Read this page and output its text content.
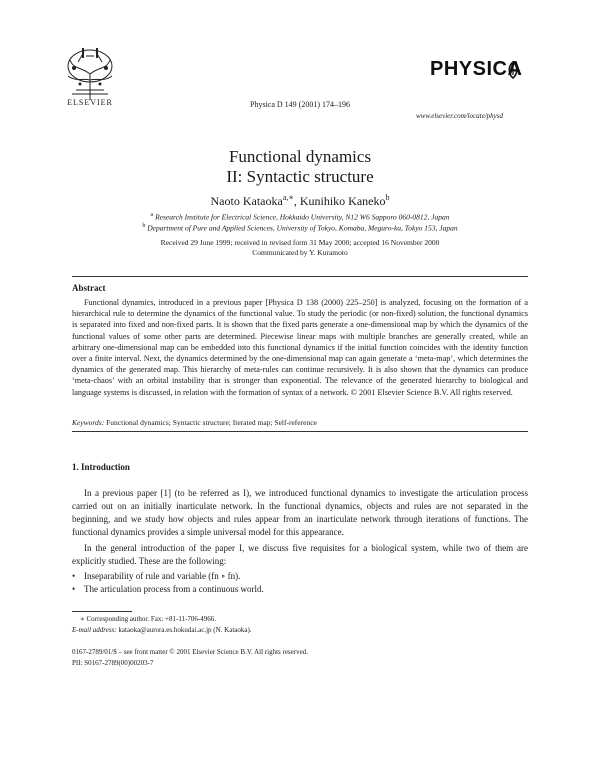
ELSEVIER	Physica D 149 (2001) 174–196
PHYSICA
www.elsevier.com/locate/physd
Functional dynamics
II: Syntactic structure
Naoto Kataoka$^{a,∗}$, Kunihiko Kaneko$^b$
$^a$ Research Institute for Electrical Science, Hokkaido University, N12 W6 Sapporo 060-0812, Japan
$^b$ Department of Pure and Applied Sciences, University of Tokyo, Komaba, Meguro-ku, Tokyo 153, Japan
Received 29 June 1999; received in revised form 31 May 2000; accepted 16 November 2000
Communicated by Y. Kuramoto
Abstract
Functional dynamics, introduced in a previous paper [Physica D 138 (2000) 225–250] is analyzed, focusing on the formation of a hierarchical rule to determine the dynamics of the functional value. To study the periodic (or non-fixed) solution, the functional dynamics is separated into fixed and non-fixed parts. It is shown that the fixed parts generate a one-dimensional map by which the dynamics of the functional values of some other parts are determined. Piecewise linear maps with multiple branches are generally created, while an arbitrary one-dimensional map can be embedded into this functional dynamics if the initial function coincides with the identity function over a finite interval. Next, the dynamics determined by the one-dimensional map can again generate a ‘meta-map’, which determines the dynamics of the generated map. This hierarchy of meta-rules can continue recursively. It is also shown that the dynamics can produce ‘meta-chaos’ with an orbital instability that is stronger than exponential. The relevance of the generated hierarchy to biological and language systems is discussed, in relation with the formation of syntax of a network. © 2001 Elsevier Science B.V. All rights reserved.
Keywords: Functional dynamics; Syntactic structure; Iterated map; Self-reference
1. Introduction
In a previous paper [1] (to be referred as I), we introduced functional dynamics to investigate the articulation process carried out on an initially inarticulate network. In the functional dynamics, objects and rules are not separated in the beginning, and we study how objects and rules appear from an inarticulate network through iterations of functions. The functional dynamics provides a simple universal model for this appearance.
In the general introduction of the paper I, we discuss five requisites for a biological system, while two of them are explicitly studied. These are the following:
• Inseparability of rule and variable (fn ∘ fn).
• The articulation process from a continuous world.
∗ Corresponding author. Fax: +81-11-706-4966.
E-mail address: kataoka@aurora.es.hokudai.ac.jp (N. Kataoka).
0167-2789/01/$ – see front matter © 2001 Elsevier Science B.V. All rights reserved.
PII: S0167-2789(00)00203-7
